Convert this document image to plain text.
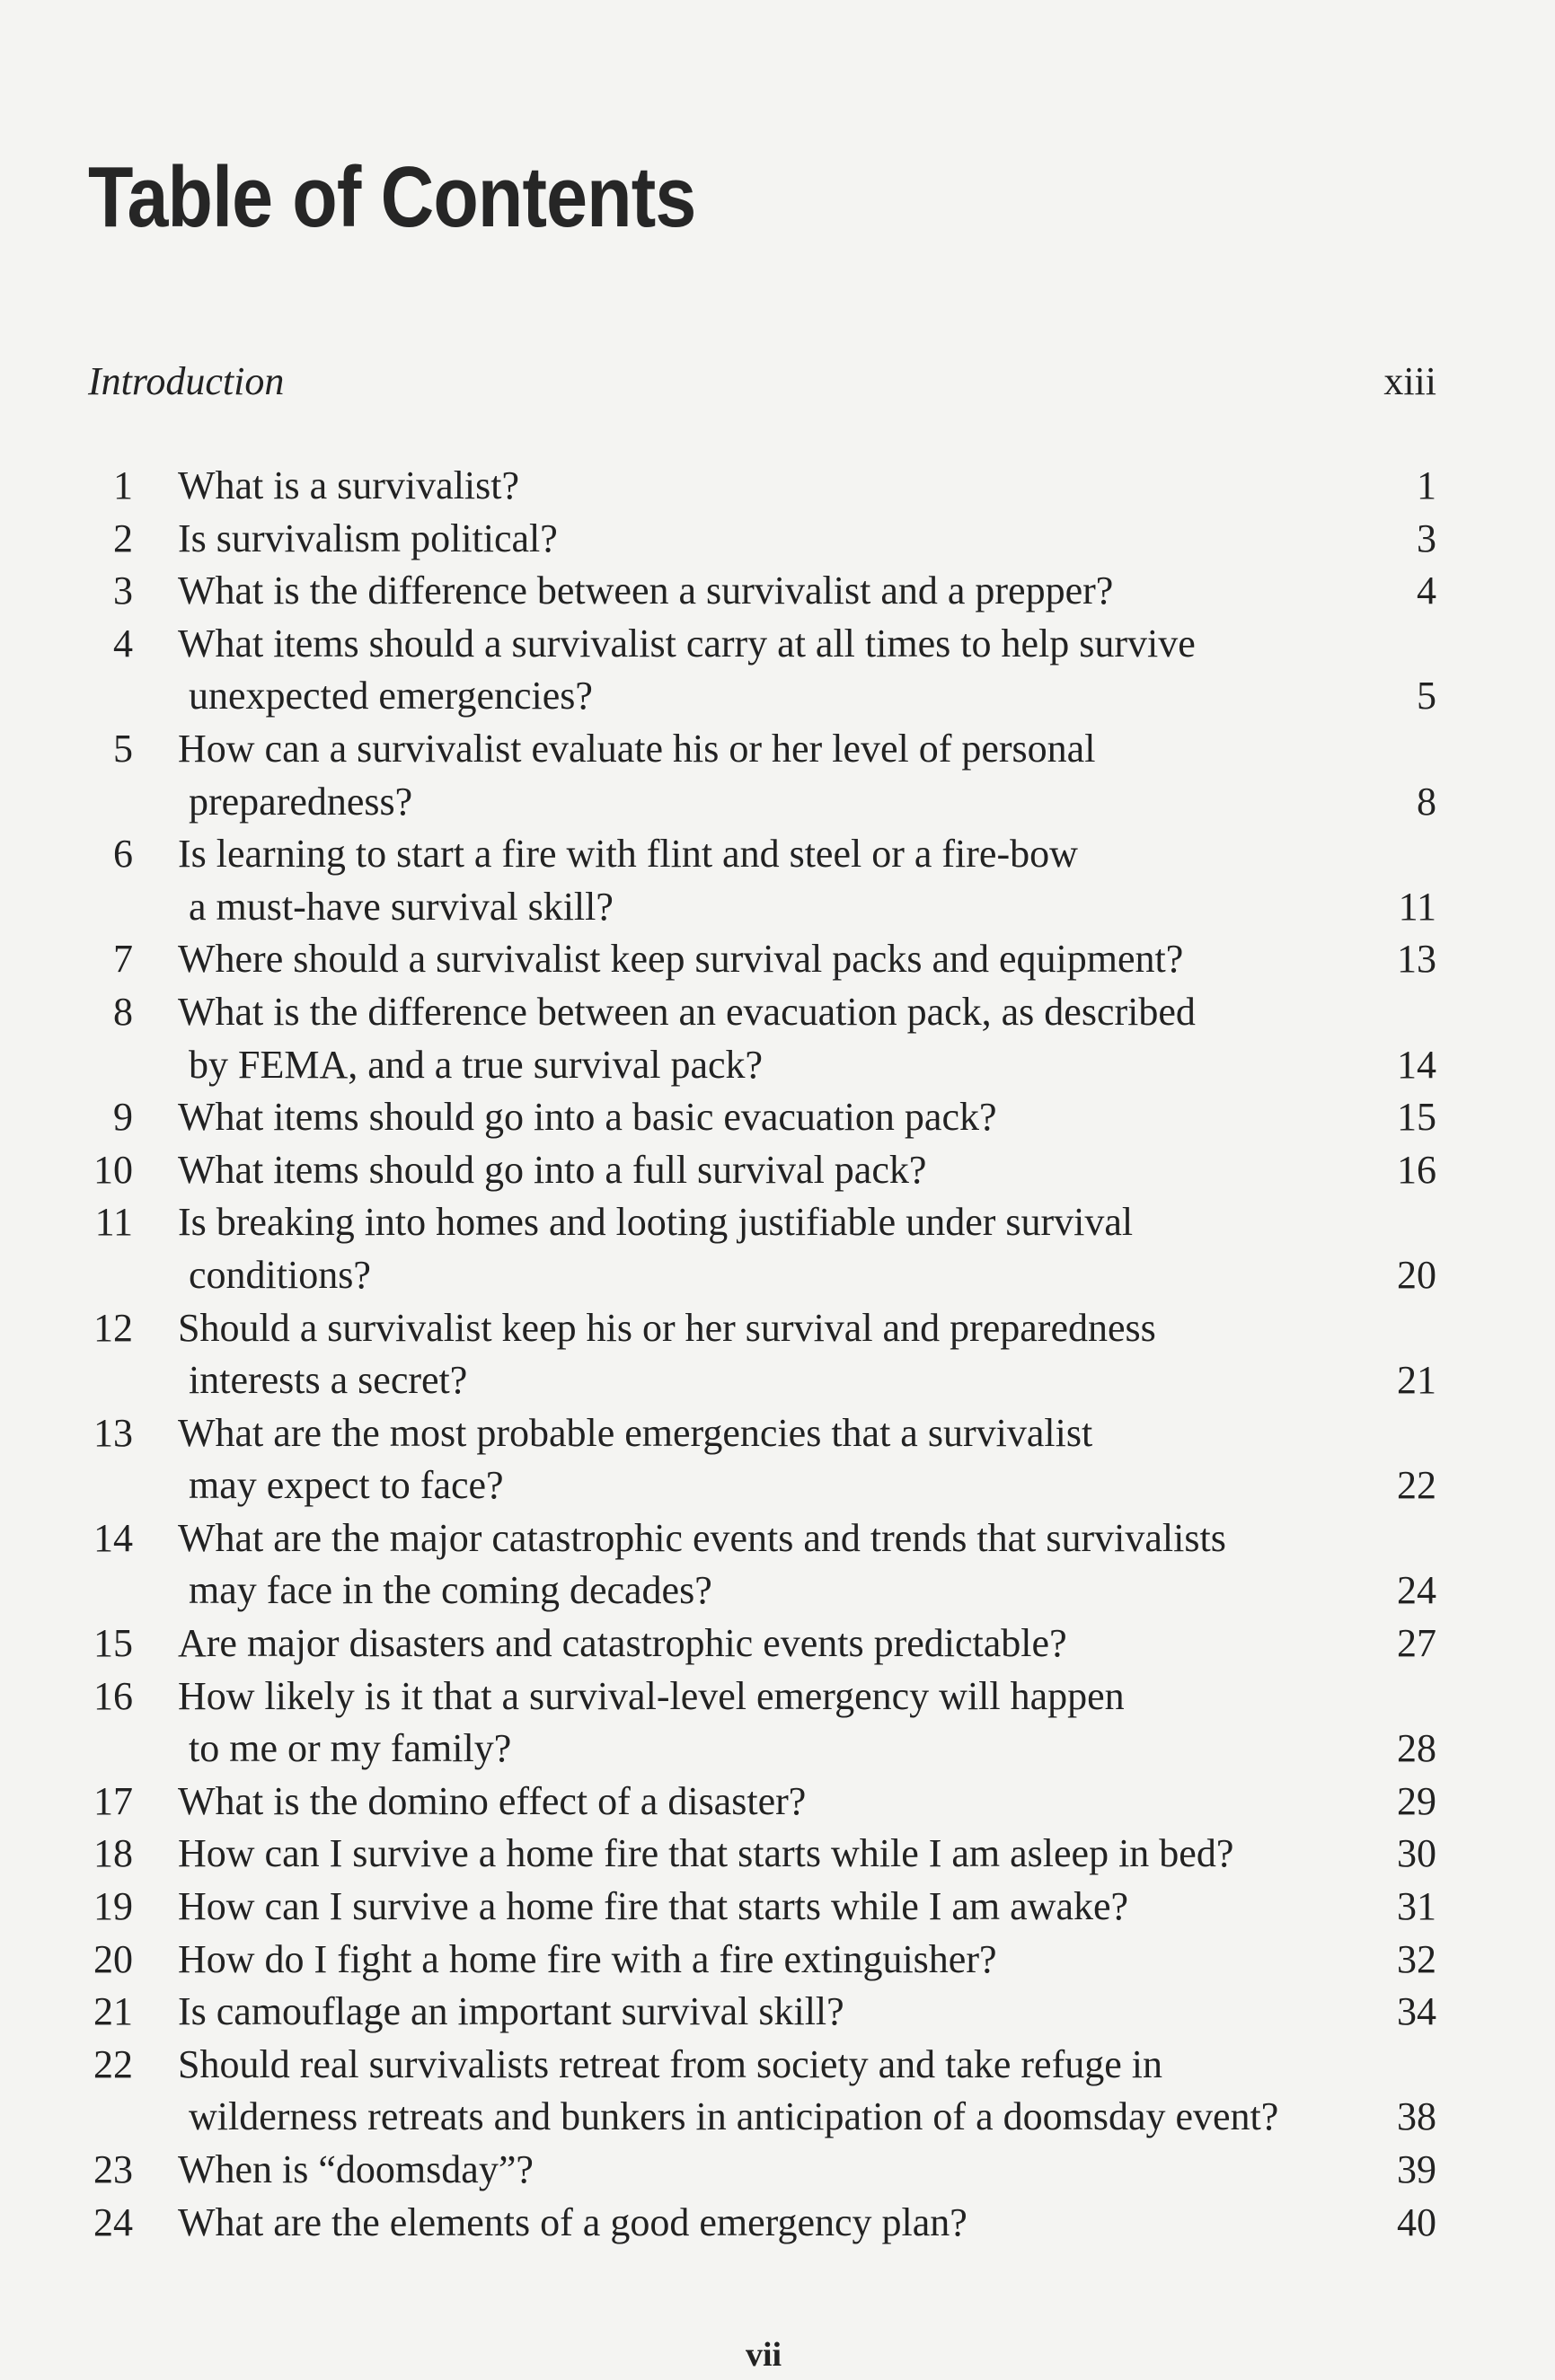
Table of Contents
Introduction	xiii
1 What is a survivalist?	1
2 Is survivalism political?	3
3 What is the difference between a survivalist and a prepper?	4
4 What items should a survivalist carry at all times to help survive
unexpected emergencies?	5
5 How can a survivalist evaluate his or her level of personal
preparedness?	8
6 Is learning to start a fire with flint and steel or a fire-bow
a must-have survival skill?	11
7 Where should a survivalist keep survival packs and equipment?	13
8 What is the difference between an evacuation pack, as described
by FEMA, and a true survival pack?	14
9 What items should go into a basic evacuation pack?	15
10 What items should go into a full survival pack?	16
11 Is breaking into homes and looting justifiable under survival
conditions?	20
12 Should a survivalist keep his or her survival and preparedness
interests a secret?	21
13 What are the most probable emergencies that a survivalist
may expect to face?	22
14 What are the major catastrophic events and trends that survivalists
may face in the coming decades?	24
15 Are major disasters and catastrophic events predictable?	27
16 How likely is it that a survival-level emergency will happen
to me or my family?	28
17 What is the domino effect of a disaster?	29
18 How can I survive a home fire that starts while I am asleep in bed?	30
19 How can I survive a home fire that starts while I am awake?	31
20 How do I fight a home fire with a fire extinguisher?	32
21 Is camouflage an important survival skill?	34
22 Should real survivalists retreat from society and take refuge in
wilderness retreats and bunkers in anticipation of a doomsday event?	38
23 When is “doomsday”?	39
24 What are the elements of a good emergency plan?	40
vii
